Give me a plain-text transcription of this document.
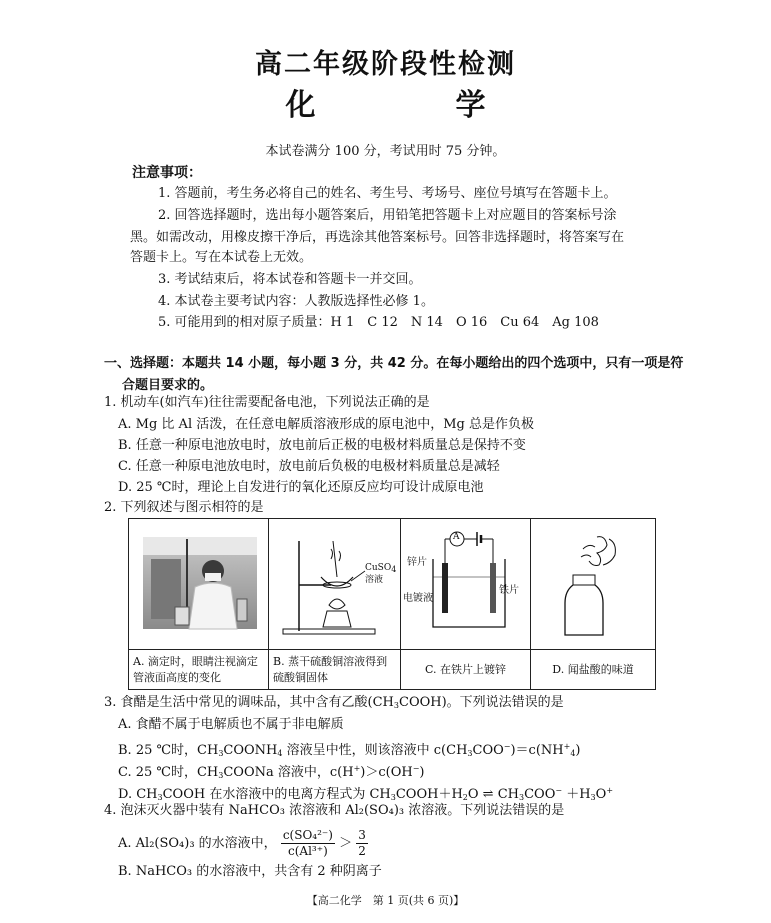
高二年级阶段性检测
化　学
本试卷满分 100 分，考试用时 75 分钟。
注意事项：
1. 答题前，考生务必将自己的姓名、考生号、考场号、座位号填写在答题卡上。
2. 回答选择题时，选出每小题答案后，用铅笔把答题卡上对应题目的答案标号涂
黑。如需改动，用橡皮擦干净后，再选涂其他答案标号。回答非选择题时，将答案写在
答题卡上。写在本试卷上无效。
3. 考试结束后，将本试卷和答题卡一并交回。
4. 本试卷主要考试内容：人教版选择性必修 1。
5. 可能用到的相对原子质量：H 1　C 12　N 14　O 16　Cu 64　Ag 108
一、选择题：本题共 14 小题，每小题 3 分，共 42 分。在每小题给出的四个选项中，只有一项是符
合题目要求的。
1. 机动车(如汽车)往往需要配备电池，下列说法正确的是
A. Mg 比 Al 活泼，在任意电解质溶液形成的原电池中，Mg 总是作负极
B. 任意一种原电池放电时，放电前后正极的电极材料质量总是保持不变
C. 任意一种原电池放电时，放电前后负极的电极材料质量总是减轻
D. 25 ℃时，理论上自发进行的氧化还原反应均可设计成原电池
2. 下列叙述与图示相符的是
A. 滴定时，眼睛注视滴定管液面高度的变化
CuSO4
溶液
B. 蒸干硫酸铜溶液得到硫酸铜固体
锌片
电镀液
铁片
A
C. 在铁片上镀锌	D. 闻盐酸的味道
3. 食醋是生活中常见的调味品，其中含有乙酸$(CH_3COOH)$。下列说法错误的是
A. 食醋不属于电解质也不属于非电解质
B. 25 ℃时，$CH_3COONH_4$ 溶液呈中性，则该溶液中 $c(CH_3COO^-)=c(NH^+_4)$
C. 25 ℃时，$CH_3COONa$ 溶液中，c(H+)＞c(OH−)
D. $CH_3COOH$ 在水溶液中的电离方程式为 $CH_3COOH+H_2O$ ⇌ $CH_3COO^- +H_3O^+$
4. 泡沫灭火器中装有 NaHCO₃ 浓溶液和 Al₂(SO₄)₃ 浓溶液。下列说法错误的是
A. Al₂(SO₄)₃ 的水溶液中， $\frac{\text{c(SO₄²⁻)}}{\text{c(Al³⁺)}} > \frac{3}{2}$
B. NaHCO₃ 的水溶液中，共含有 2 种阴离子
【高二化学　第 1 页(共 6 页)】
